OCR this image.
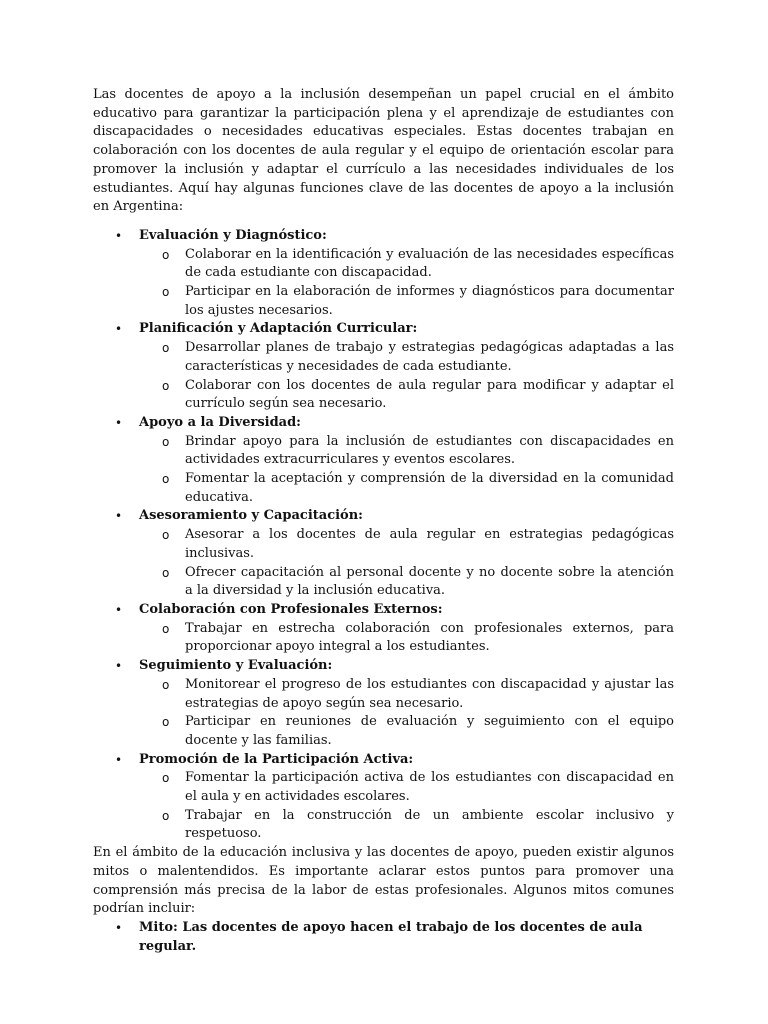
Las docentes de apoyo a la inclusión desempeñan un papel crucial en el ámbito educativo para garantizar la participación plena y el aprendizaje de estudiantes con discapacidades o necesidades educativas especiales. Estas docentes trabajan en colaboración con los docentes de aula regular y el equipo de orientación escolar para promover la inclusión y adaptar el currículo a las necesidades individuales de los estudiantes. Aquí hay algunas funciones clave de las docentes de apoyo a la inclusión en Argentina:

• Evaluación y Diagnóstico:
o Colaborar en la identificación y evaluación de las necesidades específicas de cada estudiante con discapacidad.
o Participar en la elaboración de informes y diagnósticos para documentar los ajustes necesarios.
• Planificación y Adaptación Curricular:
o Desarrollar planes de trabajo y estrategias pedagógicas adaptadas a las características y necesidades de cada estudiante.
o Colaborar con los docentes de aula regular para modificar y adaptar el currículo según sea necesario.
• Apoyo a la Diversidad:
o Brindar apoyo para la inclusión de estudiantes con discapacidades en actividades extracurriculares y eventos escolares.
o Fomentar la aceptación y comprensión de la diversidad en la comunidad educativa.
• Asesoramiento y Capacitación:
o Asesorar a los docentes de aula regular en estrategias pedagógicas inclusivas.
o Ofrecer capacitación al personal docente y no docente sobre la atención a la diversidad y la inclusión educativa.
• Colaboración con Profesionales Externos:
o Trabajar en estrecha colaboración con profesionales externos, para proporcionar apoyo integral a los estudiantes.
• Seguimiento y Evaluación:
o Monitorear el progreso de los estudiantes con discapacidad y ajustar las estrategias de apoyo según sea necesario.
o Participar en reuniones de evaluación y seguimiento con el equipo docente y las familias.
• Promoción de la Participación Activa:
o Fomentar la participación activa de los estudiantes con discapacidad en el aula y en actividades escolares.
o Trabajar en la construcción de un ambiente escolar inclusivo y respetuoso.

En el ámbito de la educación inclusiva y las docentes de apoyo, pueden existir algunos mitos o malentendidos. Es importante aclarar estos puntos para promover una comprensión más precisa de la labor de estas profesionales. Algunos mitos comunes podrían incluir:

• Mito: Las docentes de apoyo hacen el trabajo de los docentes de aula regular.
